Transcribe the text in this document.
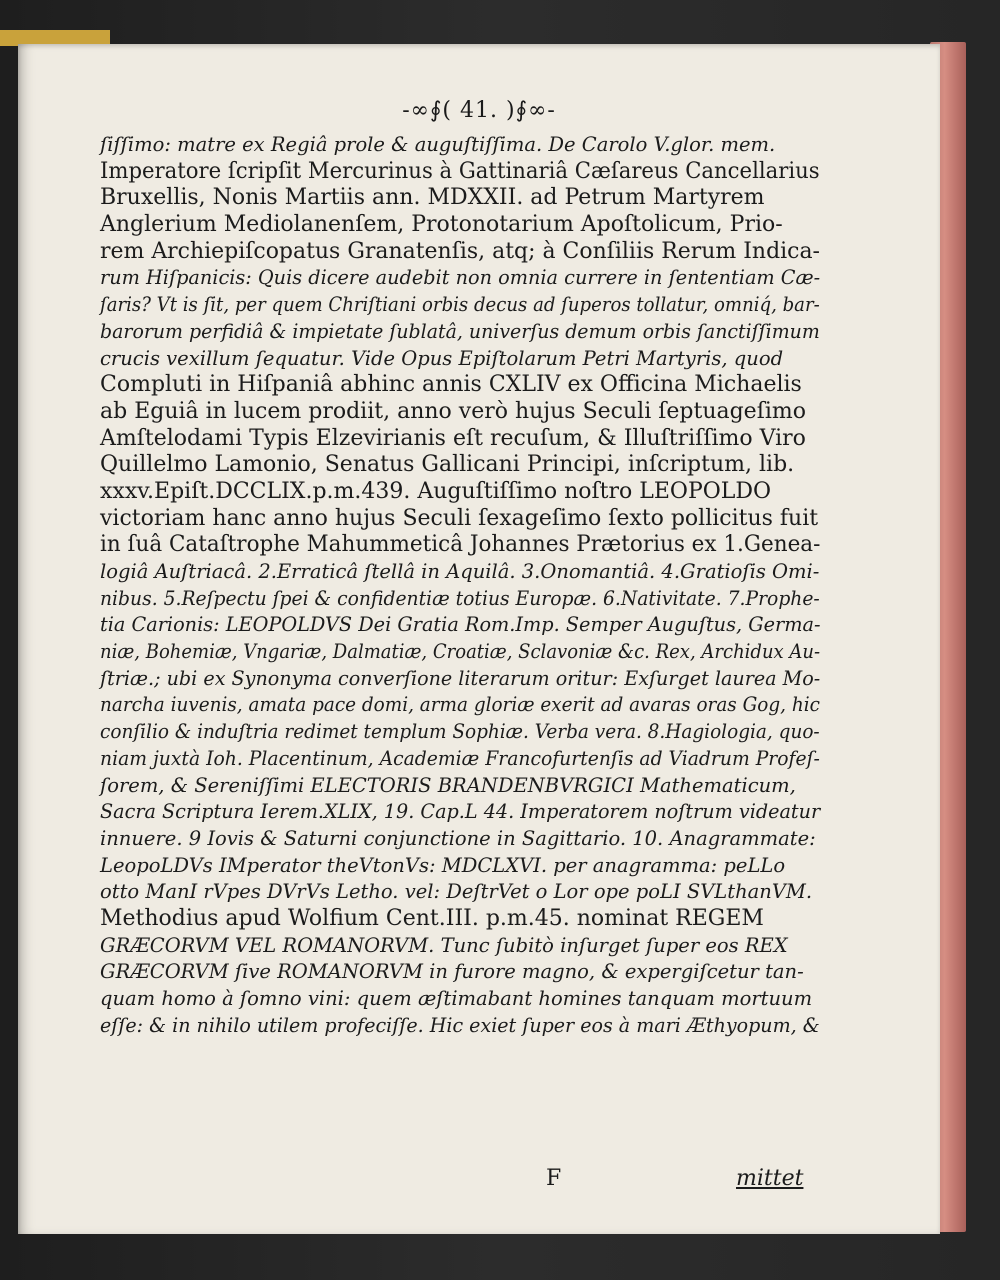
-∞∮( 41. )∮∞-
ſiſſimo: matre ex Regiâ prole & auguſtiſſima. De Carolo V.glor. mem.
Imperatore ſcripſit Mercurinus à Gattinariâ Cæſareus Cancellarius
Bruxellis, Nonis Martiis ann. MDXXII. ad Petrum Martyrem
Anglerium Mediolanenſem, Protonotarium Apoſtolicum, Prio-
rem Archiepiſcopatus Granatenſis, atq; à Conſiliis Rerum Indica-
rum Hiſpanicis: Quis dicere audebit non omnia currere in ſententiam Cæ-
ſaris? Vt is ſit, per quem Chriſtiani orbis decus ad ſuperos tollatur, omniq́, bar-
barorum perfidiâ & impietate ſublatâ, univerſus demum orbis ſanctiſſimum
crucis vexillum ſequatur. Vide Opus Epiſtolarum Petri Martyris, quod
Compluti in Hiſpaniâ abhinc annis CXLIV ex Officina Michaelis
ab Eguiâ in lucem prodiit, anno verò hujus Seculi ſeptuageſimo
Amſtelodami Typis Elzevirianis eſt recuſum, & Illuſtriſſimo Viro
Quillelmo Lamonio, Senatus Gallicani Principi, inſcriptum, lib.
xxxv.Epiſt.DCCLIX.p.m.439. Auguſtiſſimo noſtro LEOPOLDO
victoriam hanc anno hujus Seculi ſexageſimo ſexto pollicitus fuit
in ſuâ Cataſtrophe Mahummeticâ Johannes Prætorius ex 1.Genea-
logiâ Auſtriacâ. 2.Erraticâ ſtellâ in Aquilâ. 3.Onomantiâ. 4.Gratioſis Omi-
nibus. 5.Reſpectu ſpei & confidentiæ totius Europæ. 6.Nativitate. 7.Prophe-
tia Carionis: LEOPOLDVS Dei Gratia Rom.Imp. Semper Auguſtus, Germa-
niæ, Bohemiæ, Vngariæ, Dalmatiæ, Croatiæ, Sclavoniæ &c. Rex, Archidux Au-
ſtriæ.; ubi ex Synonyma converſione literarum oritur: Exſurget laurea Mo-
narcha iuvenis, amata pace domi, arma gloriæ exerit ad avaras oras Gog, hic
conſilio & induſtria redimet templum Sophiæ. Verba vera. 8.Hagiologia, quo-
niam juxtà Ioh. Placentinum, Academiæ Francofurtenſis ad Viadrum Profeſ-
ſorem, & Sereniſſimi ELECTORIS BRANDENBVRGICI Mathematicum,
Sacra Scriptura Ierem.XLIX, 19. Cap.L 44. Imperatorem noſtrum videatur
innuere. 9 Iovis & Saturni conjunctione in Sagittario. 10. Anagrammate:
LeopoLDVs IMperator theVtonVs: MDCLXVI. per anagramma: peLLo
otto ManI rVpes DVrVs Letho. vel: DeſtrVet o Lor ope poLI SVLthanVM.
Methodius apud Wolfium Cent.III. p.m.45. nominat REGEM
GRÆCORVM VEL ROMANORVM. Tunc ſubitò inſurget ſuper eos REX
GRÆCORVM ſive ROMANORVM in furore magno, & expergiſcetur tan-
quam homo à ſomno vini: quem æſtimabant homines tanquam mortuum
eſſe: & in nihilo utilem profeciſſe. Hic exiet ſuper eos à mari Æthyopum, &
F	mittet
